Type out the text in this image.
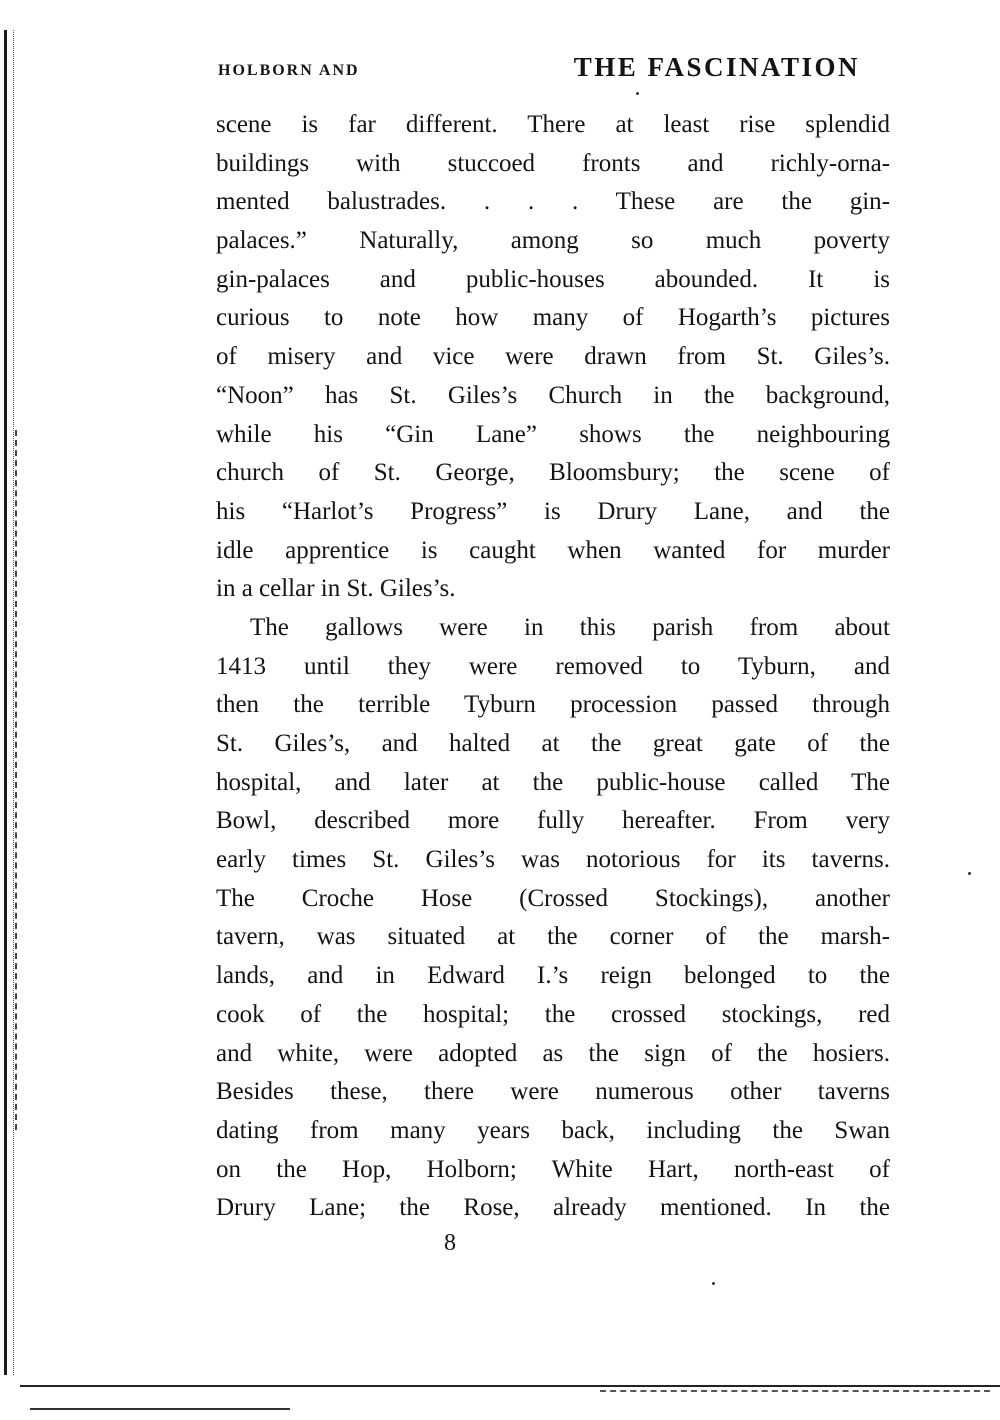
HOLBORN AND	THE FASCINATION
scene is far different. There at least rise splendid
buildings with stuccoed fronts and richly-orna-
mented balustrades. . . . These are the gin-
palaces.” Naturally, among so much poverty
gin-palaces and public-houses abounded. It is
curious to note how many of Hogarth’s pictures
of misery and vice were drawn from St. Giles’s.
“Noon” has St. Giles’s Church in the background,
while his “Gin Lane” shows the neighbouring
church of St. George, Bloomsbury; the scene of
his “Harlot’s Progress” is Drury Lane, and the
idle apprentice is caught when wanted for murder
in a cellar in St. Giles’s.
The gallows were in this parish from about
1413 until they were removed to Tyburn, and
then the terrible Tyburn procession passed through
St. Giles’s, and halted at the great gate of the
hospital, and later at the public-house called The
Bowl, described more fully hereafter. From very
early times St. Giles’s was notorious for its taverns.
The Croche Hose (Crossed Stockings), another
tavern, was situated at the corner of the marsh-
lands, and in Edward I.’s reign belonged to the
cook of the hospital; the crossed stockings, red
and white, were adopted as the sign of the hosiers.
Besides these, there were numerous other taverns
dating from many years back, including the Swan
on the Hop, Holborn; White Hart, north-east of
Drury Lane; the Rose, already mentioned. In the
8
